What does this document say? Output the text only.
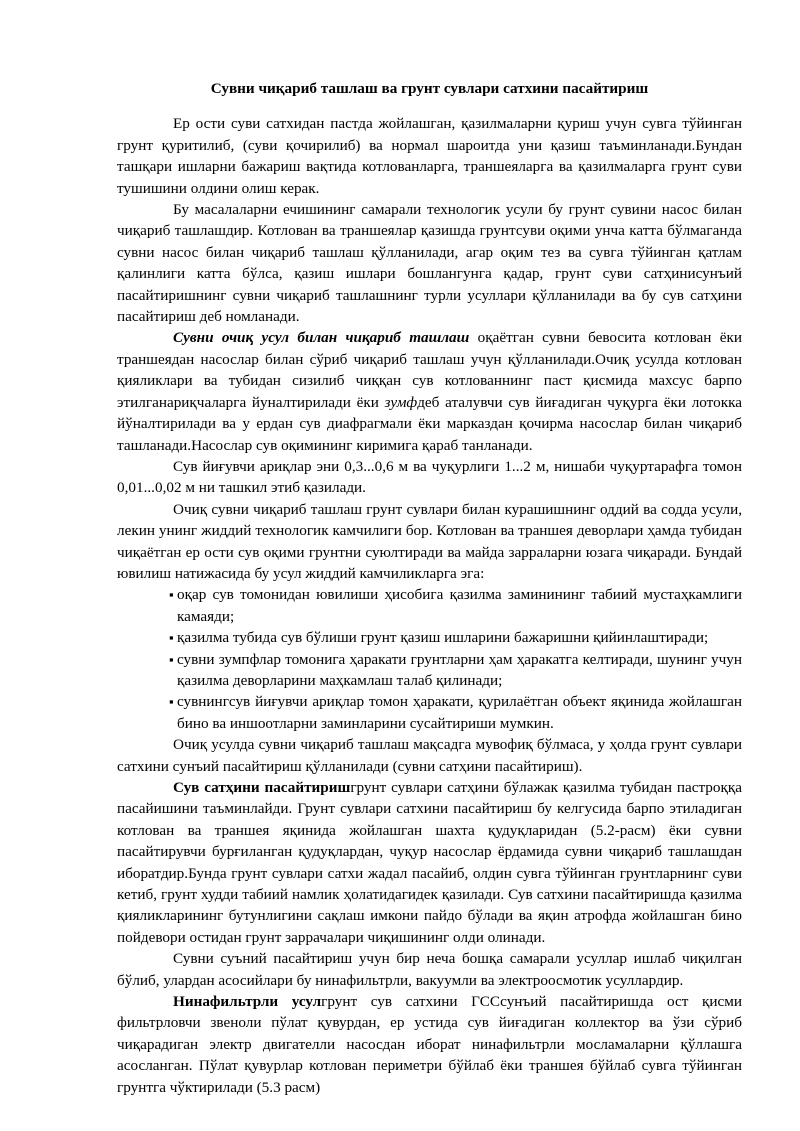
Сувни чиқариб ташлаш ва грунт сувлари сатхини пасайтириш

Ер ости суви сатхидан пастда жойлашган, қазилмаларни қуриш учун сувга тўйинган грунт қуритилиб, (суви қочирилиб) ва нормал шароитда уни қазиш таъминланади.Бундан ташқари ишларни бажариш вақтида котлованларга, траншеяларга ва қазилмаларга грунт суви тушишини олдини олиш керак.

Бу масалаларни ечишининг самарали технологик усули бу грунт сувини насос билан чиқариб ташлашдир. Котлован ва траншеялар қазишда грунтсуви оқими унча катта бўлмаганда сувни насос билан чиқариб ташлаш қўлланилади, агар оқим тез ва сувга тўйинган қатлам қалинлиги катта бўлса, қазиш ишлари бошлангунга қадар, грунт суви сатҳинисунъий пасайтиришнинг сувни чиқариб ташлашнинг турли усуллари қўлланилади ва бу сув сатҳини пасайтириш деб номланади.

Сувни очиқ усул билан чиқариб ташлаш оқаётган сувни бевосита котлован ёки траншеядан насослар билан сўриб чиқариб ташлаш учун қўлланилади.Очиқ усулда котлован қияликлари ва тубидан сизилиб чиққан сув котлованнинг паст қисмида махсус барпо этилганариқчаларга йуналтирилади ёки зумфдеб аталувчи сув йиғадиган чуқурга ёки лотокка йўналтирилади ва у ердан сув диафрагмали ёки марказдан қочирма насослар билан чиқариб ташланади.Насослар сув оқимининг киримига қараб танланади.

Сув йиғувчи ариқлар эни 0,3...0,6 м ва чуқурлиги 1...2 м, нишаби чуқуртарафга томон 0,01...0,02 м ни ташкил этиб қазилади.

Очиқ сувни чиқариб ташлаш грунт сувлари билан курашишнинг оддий ва содда усули, лекин унинг жиддий технологик камчилиги бор. Котлован ва траншея деворлари ҳамда тубидан чиқаётган ер ости сув оқими грунтни суюлтиради ва майда зарраларни юзага чиқаради. Бундай ювилиш натижасида бу усул жиддий камчиликларга эга:

▪ оқар сув томонидан ювилиши ҳисобига қазилма заминининг табиий мустаҳкамлиги камаяди;
▪ қазилма тубида сув бўлиши грунт қазиш ишларини бажаришни қийинлаштиради;
▪ сувни зумпфлар томонига ҳаракати грунтларни ҳам ҳаракатга келтиради, шунинг учун қазилма деворларини маҳкамлаш талаб қилинади;
▪ сувнингсув йиғувчи ариқлар томон ҳаракати, қурилаётган объект яқинида жойлашган бино ва иншоотларни заминларини сусайтириши мумкин.

Очиқ усулда сувни чиқариб ташлаш мақсадга мувофиқ бўлмаса, у ҳолда грунт сувлари сатхини сунъий пасайтириш қўлланилади (сувни сатҳини пасайтириш).

Сув сатҳини пасайтиришгрунт сувлари сатҳини бўлажак қазилма тубидан пастроққа пасайишини таъминлайди. Грунт сувлари сатхини пасайтириш бу келгусида барпо этиладиган котлован ва траншея яқинида жойлашган шахта қудуқларидан (5.2-расм) ёки сувни пасайтирувчи бурғиланган қудуқлардан, чуқур насослар ёрдамида сувни чиқариб ташлашдан иборатдир.Бунда грунт сувлари сатхи жадал пасайиб, олдин сувга тўйинган грунтларнинг суви кетиб, грунт худди табиий намлик ҳолатидагидек қазилади. Сув сатхини пасайтиришда қазилма қияликларининг бутунлигини сақлаш имкони пайдо бўлади ва яқин атрофда жойлашган бино пойдевори остидан грунт заррачалари чиқишининг олди олинади.

Сувни суъний пасайтириш учун бир неча бошқа самарали усуллар ишлаб чиқилган бўлиб, улардан асосийлари бу нинафильтрли, вакуумли ва электроосмотик усуллардир.

Нинафильтрли усулгрунт сув сатхини ГССсунъий пасайтиришда ост қисми фильтрловчи звеноли пўлат қувурдан, ер устида сув йиғадиган коллектор ва ўзи сўриб чиқарадиган электр двигателли насосдан иборат нинафильтрли мосламаларни қўллашга асосланган. Пўлат қувурлар котлован периметри бўйлаб ёки траншея бўйлаб сувга тўйинган грунтга чўктирилади (5.3 расм)
